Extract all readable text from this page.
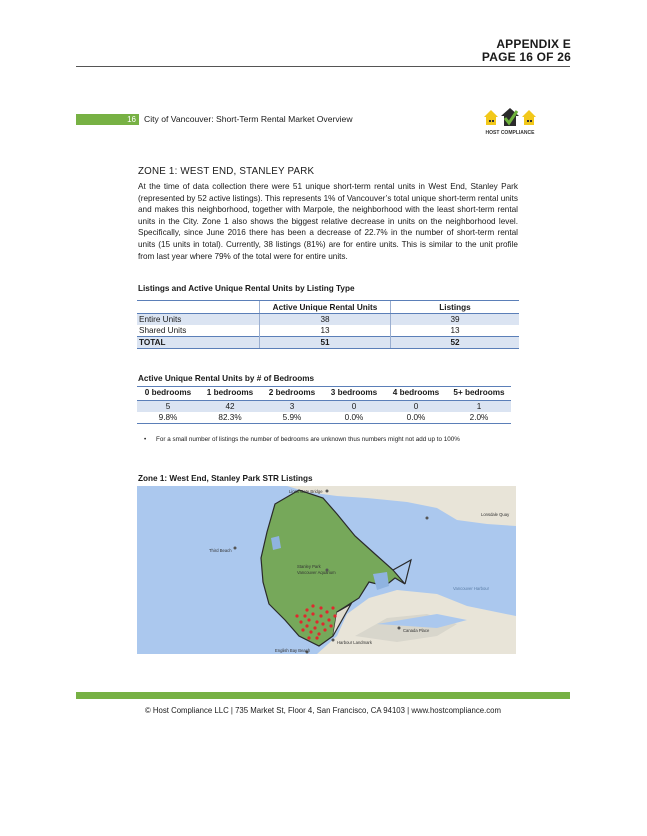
APPENDIX E
PAGE 16 OF 26
16 City of Vancouver: Short-Term Rental Market Overview
HOST COMPLIANCE
ZONE 1: WEST END, STANLEY PARK
At the time of data collection there were 51 unique short-term rental units in West End, Stanley Park (represented by 52 active listings). This represents 1% of Vancouver’s total unique short-term rental units and makes this neighborhood, together with Marpole, the neighborhood with the least short-term rental units in the City. Zone 1 also shows the biggest relative decrease in units on the neighborhood level. Specifically, since June 2016 there has been a decrease of 22.7% in the number of short-term rental units (15 units in total). Currently, 38 listings (81%) are for entire units. This is similar to the unit profile from last year where 79% of the total were for entire units.
Listings and Active Unique Rental Units by Listing Type
	Active Unique Rental Units	Listings
Entire Units	38	39
Shared Units	13	13
TOTAL	51	52
Active Unique Rental Units by # of Bedrooms
0 bedrooms	1 bedrooms	2 bedrooms	3 bedrooms	4 bedrooms	5+ bedrooms
5	42	3	0	0	1
9.8%	82.3%	5.9%	0.0%	0.0%	2.0%
•	For a small number of listings the number of bedrooms are unknown thus numbers might not add up to 100%
Zone 1: West End, Stanley Park STR Listings
Lions Gate Bridge
Third Beach
Stanley Park
Vancouver Aquarium
Lonsdale Quay
Vancouver Harbour
Canada Place
Harbour Landmark
English Bay Beach
© Host Compliance LLC | 735 Market St, Floor 4, San Francisco, CA 94103 | www.hostcompliance.com
